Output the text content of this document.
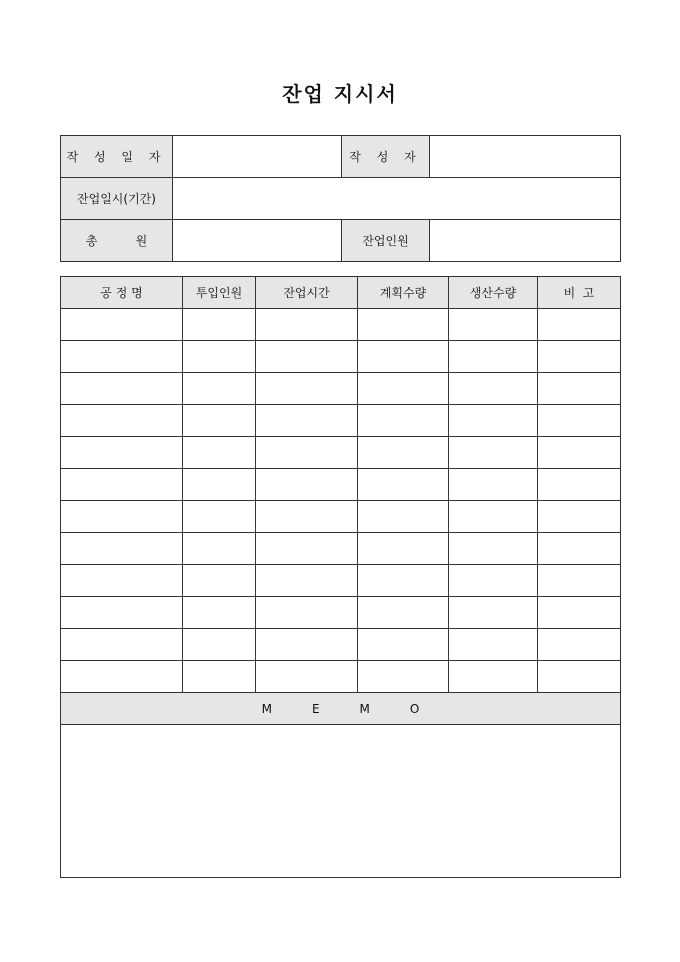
잔업 지시서
작 성 일 자		작 성 자	
잔업일시(기간)			
총          원		잔업인원	
공 정 명	투입인원	잔업시간	계획수량	생산수량	비  고

MEMO					
